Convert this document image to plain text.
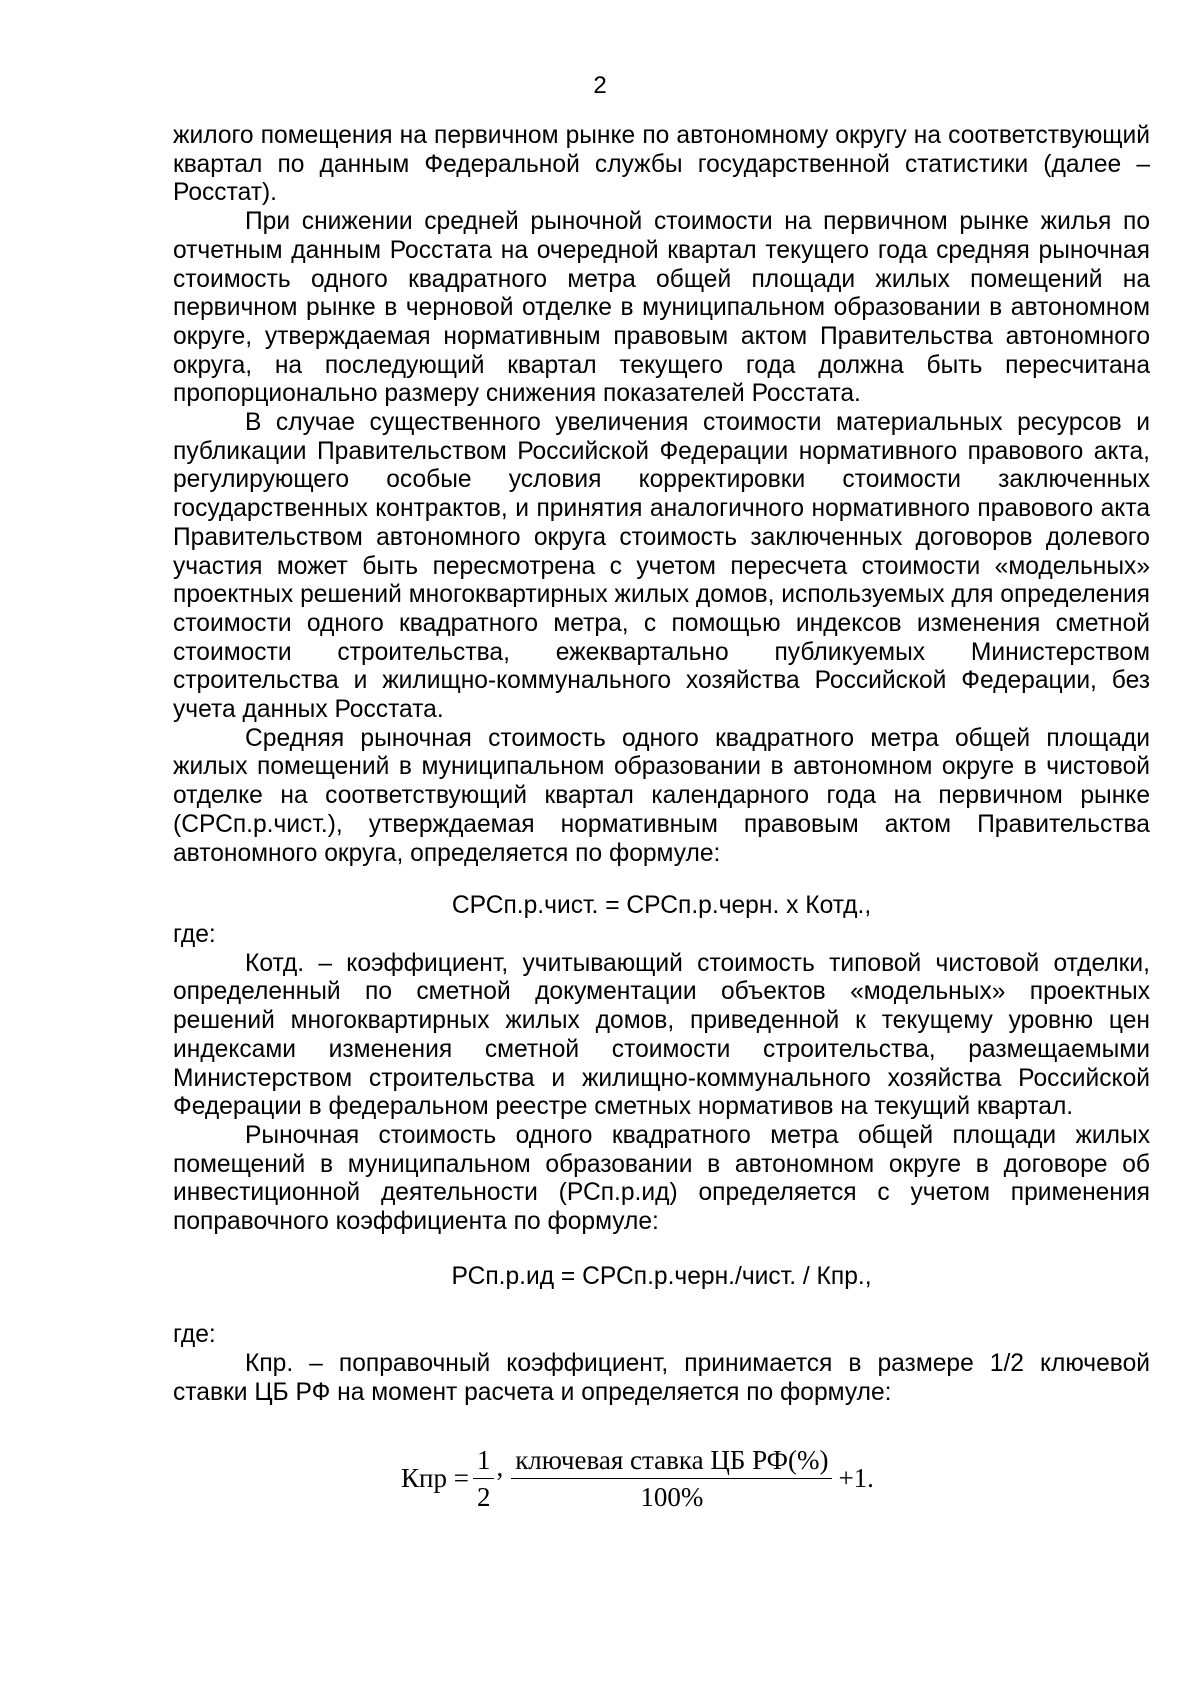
2

жилого помещения на первичном рынке по автономному округу на соответствующий квартал по данным Федеральной службы государственной статистики (далее – Росстат).

При снижении средней рыночной стоимости на первичном рынке жилья по отчетным данным Росстата на очередной квартал текущего года средняя рыночная стоимость одного квадратного метра общей площади жилых помещений на первичном рынке в черновой отделке в муниципальном образовании в автономном округе, утверждаемая нормативным правовым актом Правительства автономного округа, на последующий квартал текущего года должна быть пересчитана пропорционально размеру снижения показателей Росстата.

В случае существенного увеличения стоимости материальных ресурсов и публикации Правительством Российской Федерации нормативного правового акта, регулирующего особые условия корректировки стоимости заключенных государственных контрактов, и принятия аналогичного нормативного правового акта Правительством автономного округа стоимость заключенных договоров долевого участия может быть пересмотрена с учетом пересчета стоимости «модельных» проектных решений многоквартирных жилых домов, используемых для определения стоимости одного квадратного метра, с помощью индексов изменения сметной стоимости строительства, ежеквартально публикуемых Министерством строительства и жилищно-коммунального хозяйства Российской Федерации, без учета данных Росстата.

Средняя рыночная стоимость одного квадратного метра общей площади жилых помещений в муниципальном образовании в автономном округе в чистовой отделке на соответствующий квартал календарного года на первичном рынке (СРСп.р.чист.), утверждаемая нормативным правовым актом Правительства автономного округа, определяется по формуле:

СРСп.р.чист. = СРСп.р.черн. х Котд.,

где:

Котд. – коэффициент, учитывающий стоимость типовой чистовой отделки, определенный по сметной документации объектов «модельных» проектных решений многоквартирных жилых домов, приведенной к текущему уровню цен индексами изменения сметной стоимости строительства, размещаемыми Министерством строительства и жилищно-коммунального хозяйства Российской Федерации в федеральном реестре сметных нормативов на текущий квартал.

Рыночная стоимость одного квадратного метра общей площади жилых помещений в муниципальном образовании в автономном округе в договоре об инвестиционной деятельности (РСп.р.ид) определяется с учетом применения поправочного коэффициента по формуле:

РСп.р.ид = СРСп.р.черн./чист. / Кпр.,

где:

Кпр. – поправочный коэффициент, принимается в размере 1/2 ключевой ставки ЦБ РФ на момент расчета и определяется по формуле:

Кпр = $\frac{1}{2}$ , $\frac{\text{ключевая ставка ЦБ РФ(\%)}}{100\%} +1$.
